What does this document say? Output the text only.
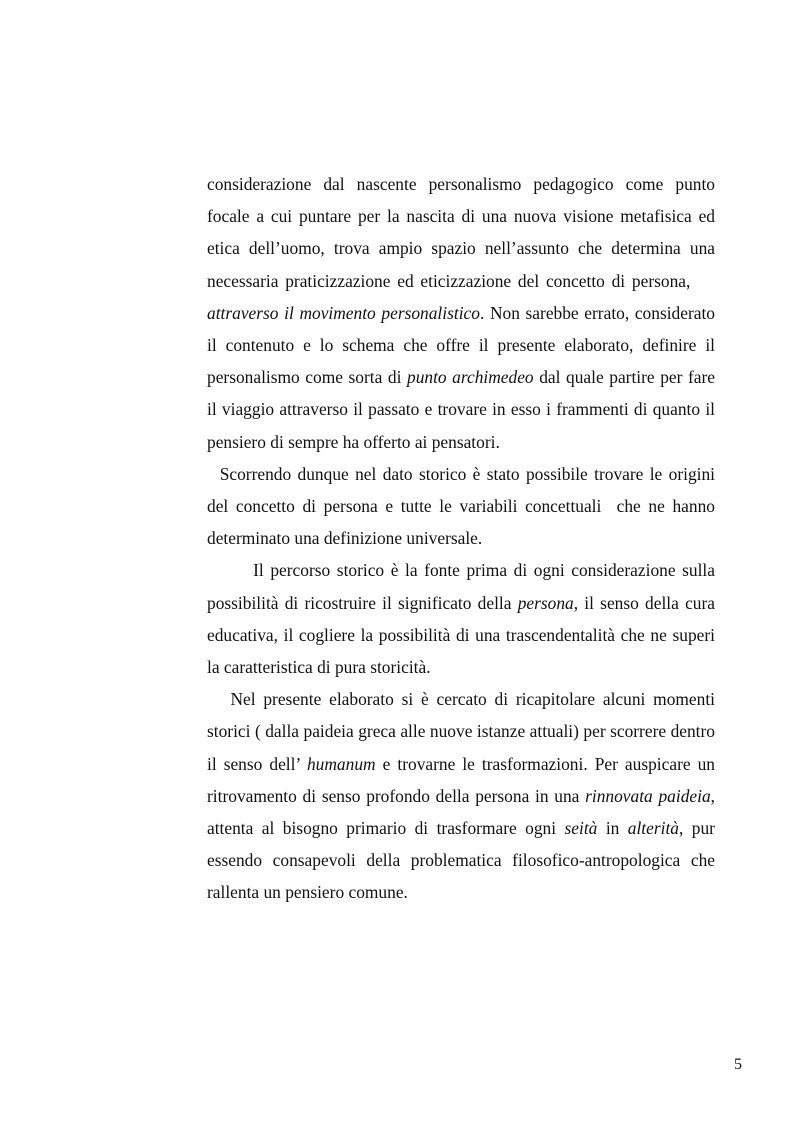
considerazione dal nascente personalismo pedagogico come punto focale a cui puntare per la nascita di una nuova visione metafisica ed etica dell’uomo, trova ampio spazio nell’assunto che determina una necessaria praticizzazione ed eticizzazione del concetto di persona,     attraverso il movimento personalistico. Non sarebbe errato, considerato il contenuto e lo schema che offre il presente elaborato, definire il personalismo come sorta di punto archimedeo dal quale partire per fare il viaggio attraverso il passato e trovare in esso i frammenti di quanto il pensiero di sempre ha offerto ai pensatori.

Scorrendo dunque nel dato storico è stato possibile trovare le origini del concetto di persona e tutte le variabili concettuali  che ne hanno determinato una definizione universale.

Il percorso storico è la fonte prima di ogni considerazione sulla possibilità di ricostruire il significato della persona, il senso della cura educativa, il cogliere la possibilità di una trascendentalità che ne superi la caratteristica di pura storicità.

Nel presente elaborato si è cercato di ricapitolare alcuni momenti storici ( dalla paideia greca alle nuove istanze attuali) per scorrere dentro il senso dell’ humanum e trovarne le trasformazioni. Per auspicare un ritrovamento di senso profondo della persona in una rinnovata paideia, attenta al bisogno primario di trasformare ogni seità in alterità, pur essendo consapevoli della problematica filosofico-antropologica che rallenta un pensiero comune.

5
